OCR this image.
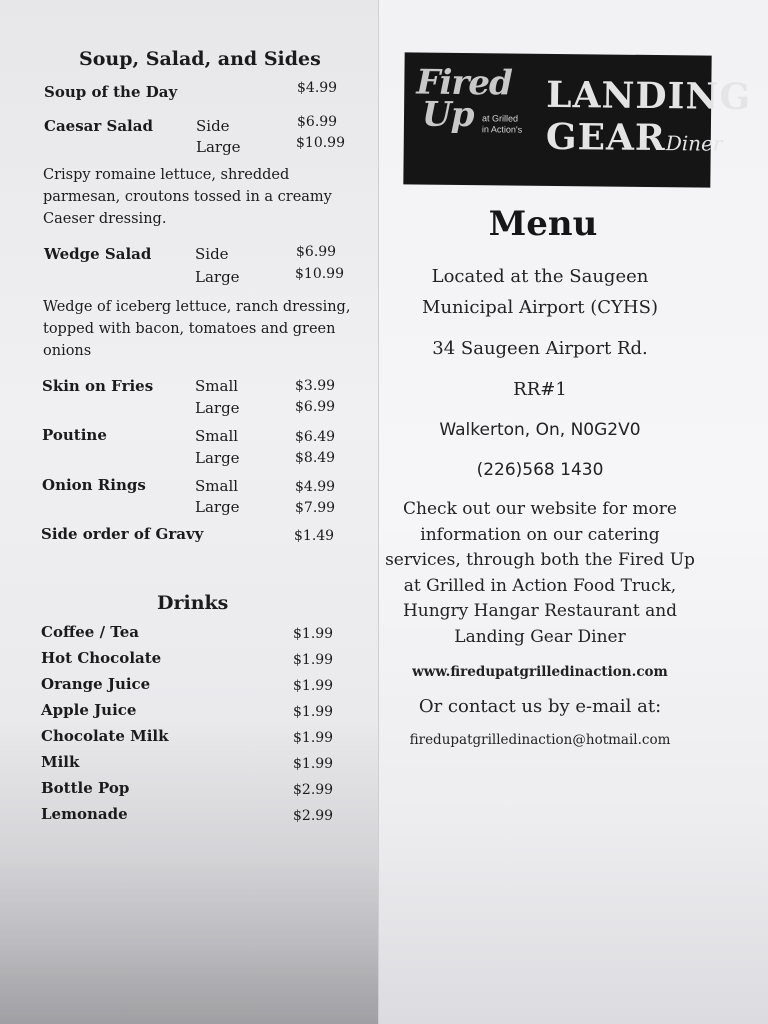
Soup, Salad, and Sides
Soup of the Day	$4.99
Caesar Salad	Side	$6.99
Large	$10.99
Crispy romaine lettuce, shredded parmesan, croutons tossed in a creamy Caeser dressing.
Wedge Salad	Side	$6.99
Large	$10.99
Wedge of iceberg lettuce, ranch dressing, topped with bacon, tomatoes and green onions
Skin on Fries	Small	$3.99
Large	$6.99
Poutine	Small	$6.49
Large	$8.49
Onion Rings	Small	$4.99
Large	$7.99
Side order of Gravy	$1.49
Drinks
Coffee / Tea	$1.99
Hot Chocolate	$1.99
Orange Juice	$1.99
Apple Juice	$1.99
Chocolate Milk	$1.99
Milk	$1.99
Bottle Pop	$2.99
Lemonade	$2.99
Fired
Up at Grilled
in Action's
LANDING
GEARDiner
Menu
Located at the Saugeen
Municipal Airport (CYHS)
34 Saugeen Airport Rd.
RR#1
Walkerton, On, N0G2V0
(226)568 1430
Check out our website for more
information on our catering
services, through both the Fired Up
at Grilled in Action Food Truck,
Hungry Hangar Restaurant and
Landing Gear Diner
www.firedupatgrilledinaction.com
Or contact us by e-mail at:
firedupatgrilledinaction@hotmail.com
